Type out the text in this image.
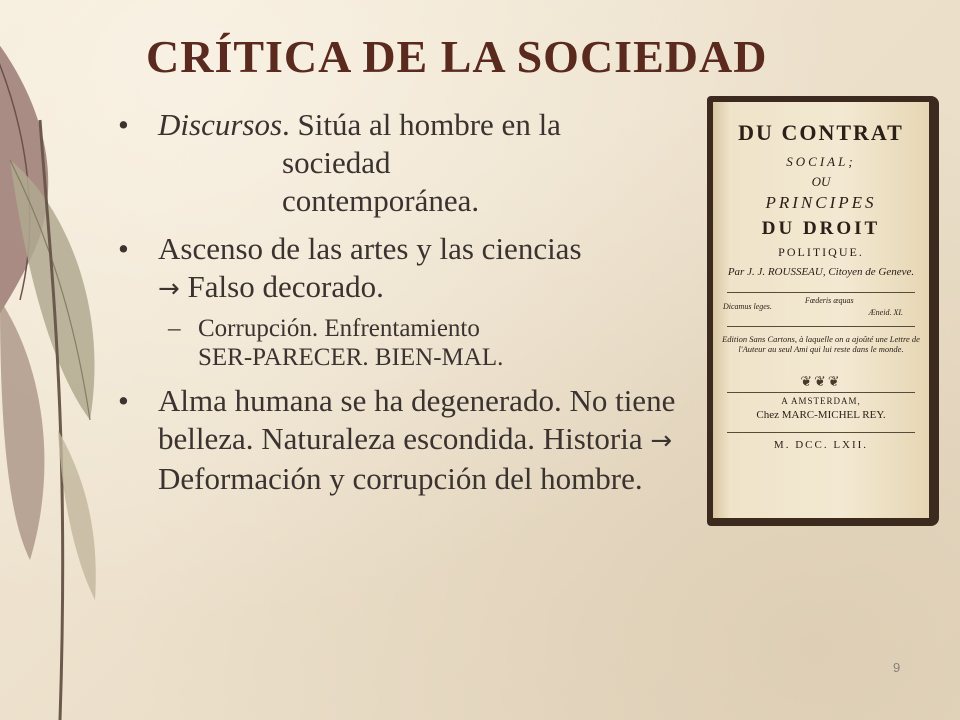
CRÍTICA DE LA SOCIEDAD
• Discursos. Sitúa al hombre en la sociedad contemporánea.
• Ascenso de las artes y las ciencias
→ Falso decorado.
– Corrupción. Enfrentamiento
SER-PARECER. BIEN-MAL.
• Alma humana se ha degenerado. No tiene belleza. Naturaleza escondida. Historia → Deformación y corrupción del hombre.
DU CONTRAT
SOCIAL;
OU
PRINCIPES
DU DROIT
POLITIQUE.
Par J. J. ROUSSEAU, Citoyen de Geneve.
Fœderis æquas
Dicamus leges.
Æneid. XI.
Edition Sans Cartons, à laquelle on a ajoûté une Lettre de l'Auteur au seul Ami qui lui reste dans le monde.
❦❦❦
A AMSTERDAM,
Chez MARC-MICHEL REY.
M. DCC. LXII.
9
